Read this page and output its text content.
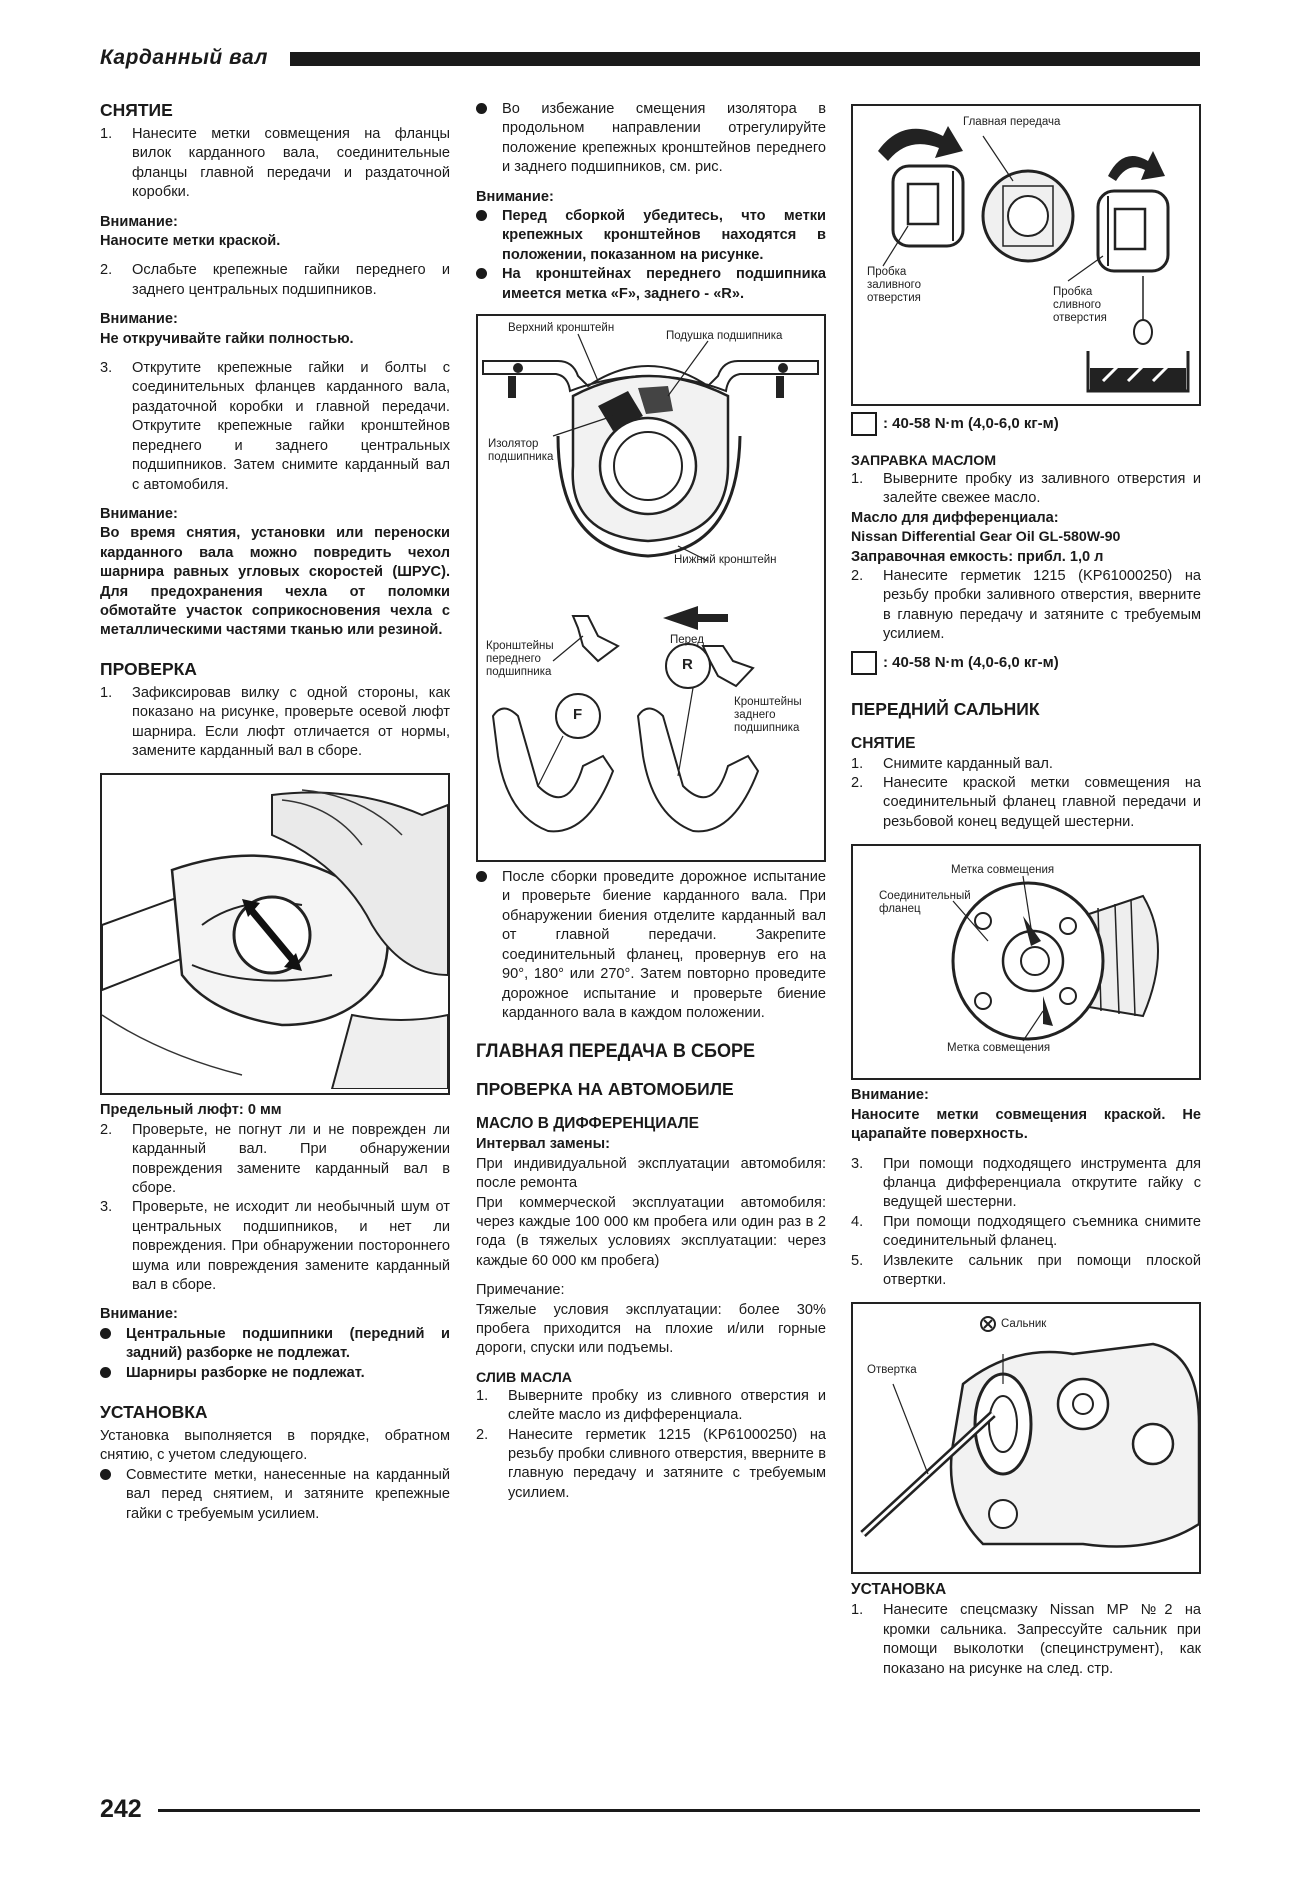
Карданный вал
СНЯТИЕ
1.	Нанесите метки совмещения на фланцы вилок карданного вала, соединительные фланцы главной передачи и раздаточной коробки.

Внимание:

Наносите метки краской.

2.	Ослабьте крепежные гайки переднего и заднего центральных подшипников.

Внимание:

Не откручивайте гайки полностью.

3.	Открутите крепежные гайки и болты с соединительных фланцев карданного вала, раздаточной коробки и главной передачи. Открутите крепежные гайки кронштейнов переднего и заднего центральных подшипников. Затем снимите карданный вал с автомобиля.

Внимание:

Во время снятия, установки или переноски карданного вала можно повредить чехол шарнира равных угловых скоростей (ШРУС). Для предохранения чехла от поломки обмотайте участок соприкосновения чехла с металлическими частями тканью или резиной.

ПРОВЕРКА
1.	Зафиксировав вилку с одной стороны, как показано на рисунке, проверьте осевой люфт шарнира. Если люфт отличается от нормы, замените карданный вал в сборе.

Предельный люфт: 0 мм

2.	Проверьте, не погнут ли и не поврежден ли карданный вал. При обнаружении повреждения замените карданный вал в сборе.
3.	Проверьте, не исходит ли необычный шум от центральных подшипников, и нет ли повреждения. При обнаружении постороннего шума или повреждения замените карданный вал в сборе.

Внимание:

Центральные подшипники (передний и задний) разборке не подлежат.
Шарниры разборке не подлежат.
УСТАНОВКА

Установка выполняется в порядке, обратном снятию, с учетом следующего.

Совместите метки, нанесенные на карданный вал перед снятием, и затяните крепежные гайки с требуемым усилием.
Во избежание смещения изолятора в продольном направлении отрегулируйте положение крепежных кронштейнов переднего и заднего подшипников, см. рис.

Внимание:

Перед сборкой убедитесь, что метки крепежных кронштейнов находятся в положении, показанном на рисунке.
На кронштейнах переднего подшипника имеется метка «F», заднего - «R».
Верхний кронштейн
Подушка подшипника
Изолятор подшипника
Нижний кронштейн
Кронштейны переднего подшипника
Перед
Кронштейны заднего подшипника
F
R
После сборки проведите дорожное испытание и проверьте биение карданного вала. При обнаружении биения отделите карданный вал от главной передачи. Закрепите соединительный фланец, провернув его на 90°, 180° или 270°. Затем повторно проведите дорожное испытание и проверьте биение карданного вала в каждом положении.
ГЛАВНАЯ ПЕРЕДАЧА В СБОРЕ
ПРОВЕРКА НА АВТОМОБИЛЕ
МАСЛО В ДИФФЕРЕНЦИАЛЕ

Интервал замены:

При индивидуальной эксплуатации автомобиля: после ремонта

При коммерческой эксплуатации автомобиля: через каждые 100 000 км пробега или один раз в 2 года (в тяжелых условиях эксплуатации: через каждые 60 000 км пробега)

Примечание:

Тяжелые условия эксплуатации: более 30% пробега приходится на плохие и/или горные дороги, спуски или подъемы.

СЛИВ МАСЛА

1.	Выверните пробку из сливного отверстия и слейте масло из дифференциала.
2.	Нанесите герметик 1215 (KP61000250) на резьбу пробки сливного отверстия, вверните в главную передачу и затяните с требуемым усилием.
Главная передача
Пробка заливного отверстия	Пробка сливного отверстия
: 40-58 N·m (4,0-6,0 кг-м)

ЗАПРАВКА МАСЛОМ

1.	Выверните пробку из заливного отверстия и залейте свежее масло.

Масло для дифференциала:

Nissan Differential Gear Oil GL-580W-90

Заправочная емкость: прибл. 1,0 л

2.	Нанесите герметик 1215 (KP61000250) на резьбу пробки заливного отверстия, вверните в главную передачу и затяните с требуемым усилием.
: 40-58 N·m (4,0-6,0 кг-м)
ПЕРЕДНИЙ САЛЬНИК
СНЯТИЕ
1.	Снимите карданный вал.
2.	Нанесите краской метки совмещения на соединительный фланец главной передачи и резьбовой конец ведущей шестерни.
Метка совмещения
Соединительный фланец
Метка совмещения

Внимание:

Наносите метки совмещения краской. Не царапайте поверхность.

3.	При помощи подходящего инструмента для фланца дифференциала открутите гайку с ведущей шестерни.
4.	При помощи подходящего съемника снимите соединительный фланец.
5.	Извлеките сальник при помощи плоской отвертки.
Сальник
Отвертка
УСТАНОВКА
1.	Нанесите спецсмазку Nissan MP №2 на кромки сальника. Запрессуйте сальник при помощи выколотки (специнструмент), как показано на рисунке на след. стр.
242
